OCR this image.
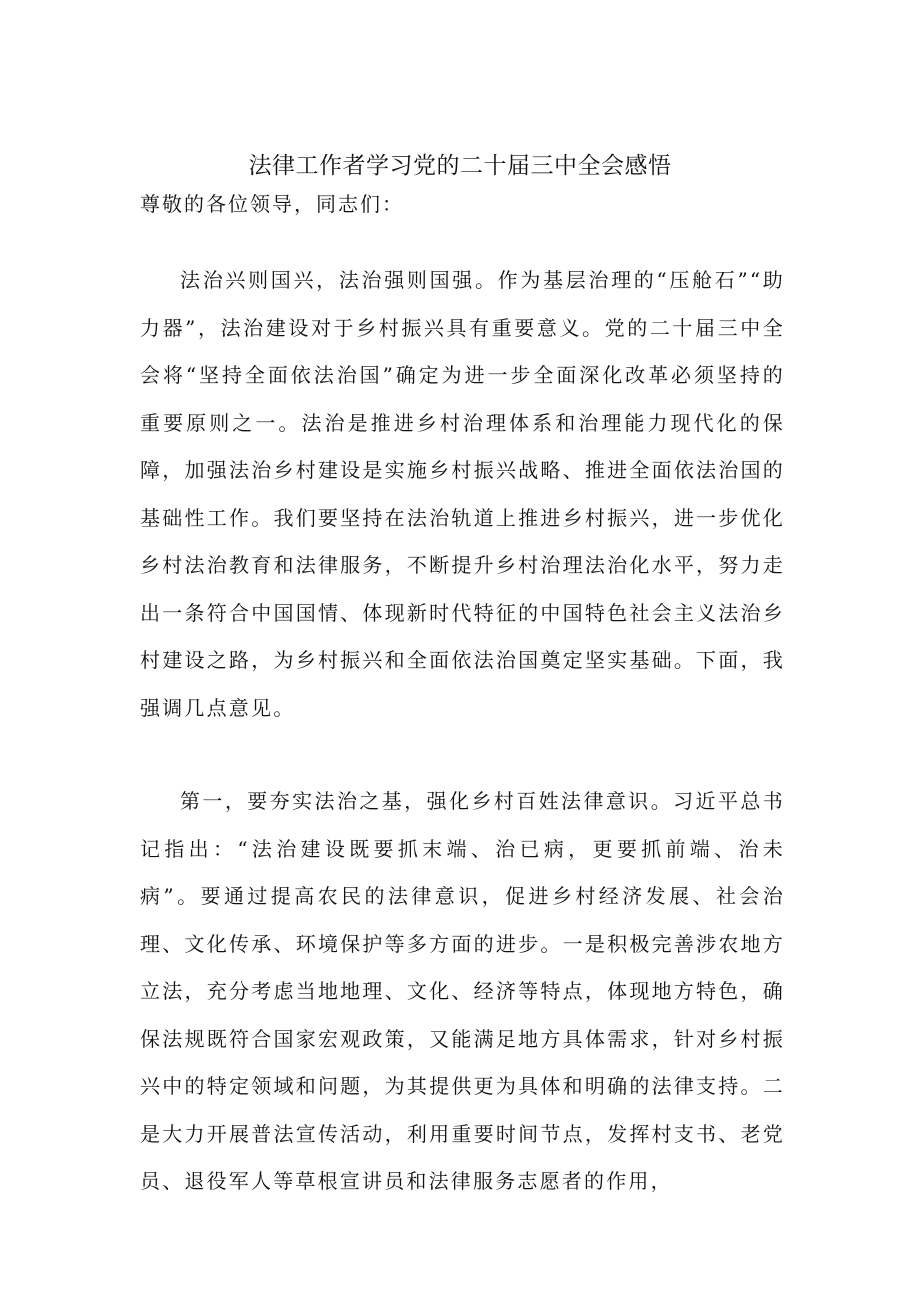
法律工作者学习党的二十届三中全会感悟

尊敬的各位领导，同志们：

法治兴则国兴，法治强则国强。作为基层治理的“压舱石”“助力器”，法治建设对于乡村振兴具有重要意义。党的二十届三中全会将“坚持全面依法治国”确定为进一步全面深化改革必须坚持的重要原则之一。法治是推进乡村治理体系和治理能力现代化的保障，加强法治乡村建设是实施乡村振兴战略、推进全面依法治国的基础性工作。我们要坚持在法治轨道上推进乡村振兴，进一步优化乡村法治教育和法律服务，不断提升乡村治理法治化水平，努力走出一条符合中国国情、体现新时代特征的中国特色社会主义法治乡村建设之路，为乡村振兴和全面依法治国奠定坚实基础。下面，我强调几点意见。

第一，要夯实法治之基，强化乡村百姓法律意识。习近平总书记指出：“法治建设既要抓末端、治已病，更要抓前端、治未病”。要通过提高农民的法律意识，促进乡村经济发展、社会治理、文化传承、环境保护等多方面的进步。一是积极完善涉农地方立法，充分考虑当地地理、文化、经济等特点，体现地方特色，确保法规既符合国家宏观政策，又能满足地方具体需求，针对乡村振兴中的特定领域和问题，为其提供更为具体和明确的法律支持。二是大力开展普法宣传活动，利用重要时间节点，发挥村支书、老党员、退役军人等草根宣讲员和法律服务志愿者的作用，
